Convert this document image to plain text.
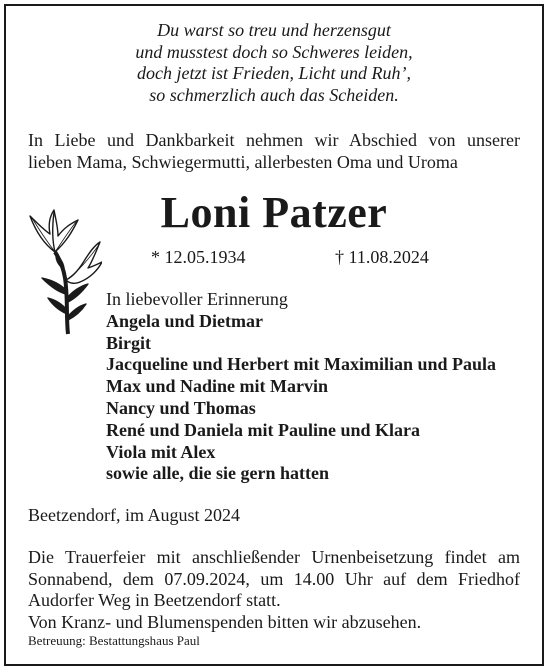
Du warst so treu und herzensgut
und musstest doch so Schweres leiden,
doch jetzt ist Frieden, Licht und Ruh’,
so schmerzlich auch das Scheiden.
In Liebe und Dankbarkeit nehmen wir Abschied von unserer
lieben Mama, Schwiegermutti, allerbesten Oma und Uroma
Loni Patzer
* 12.05.1934	† 11.08.2024
In liebevoller Erinnerung
Angela und Dietmar
Birgit
Jacqueline und Herbert mit Maximilian und Paula
Max und Nadine mit Marvin
Nancy und Thomas
René und Daniela mit Pauline und Klara
Viola mit Alex
sowie alle, die sie gern hatten
Beetzendorf, im August 2024
Die Trauerfeier mit anschließender Urnenbeisetzung findet am
Sonnabend, dem 07.09.2024, um 14.00 Uhr auf dem Friedhof
Audorfer Weg in Beetzendorf statt.
Von Kranz- und Blumenspenden bitten wir abzusehen.
Betreuung: Bestattungshaus Paul
